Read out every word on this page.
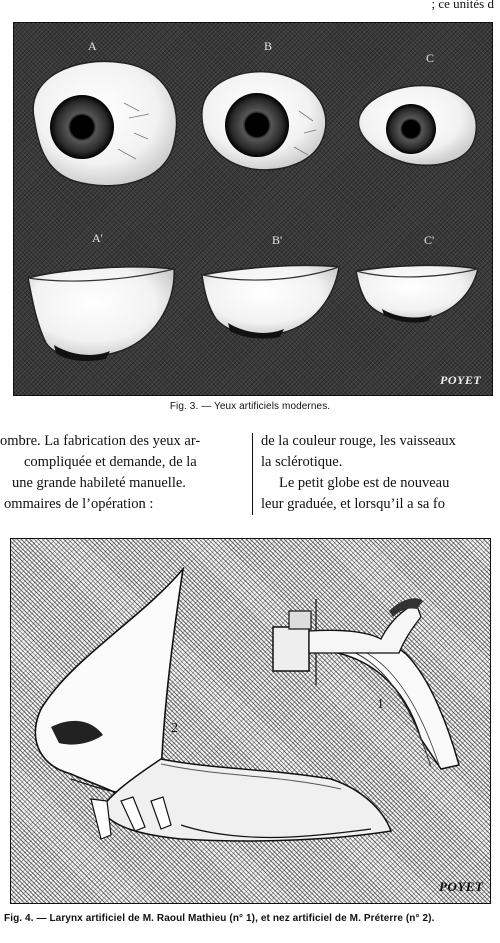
; ce unités d
A	B
C
A'	B'	C'
POYET
Fig. 3. — Yeux artificiels modernes.
ombre. La fabrication des yeux ar-
compliquée et demande, de la
une grande habileté manuelle.
ommaires de l’opération :
de la couleur rouge, les vaisseaux
la sclérotique.
Le petit globe est de nouveau
leur graduée, et lorsqu’il a sa fo
1
2
POYET
Fig. 4. — Larynx artificiel de M. Raoul Mathieu (n° 1), et nez artificiel de M. Préterre (n° 2).
